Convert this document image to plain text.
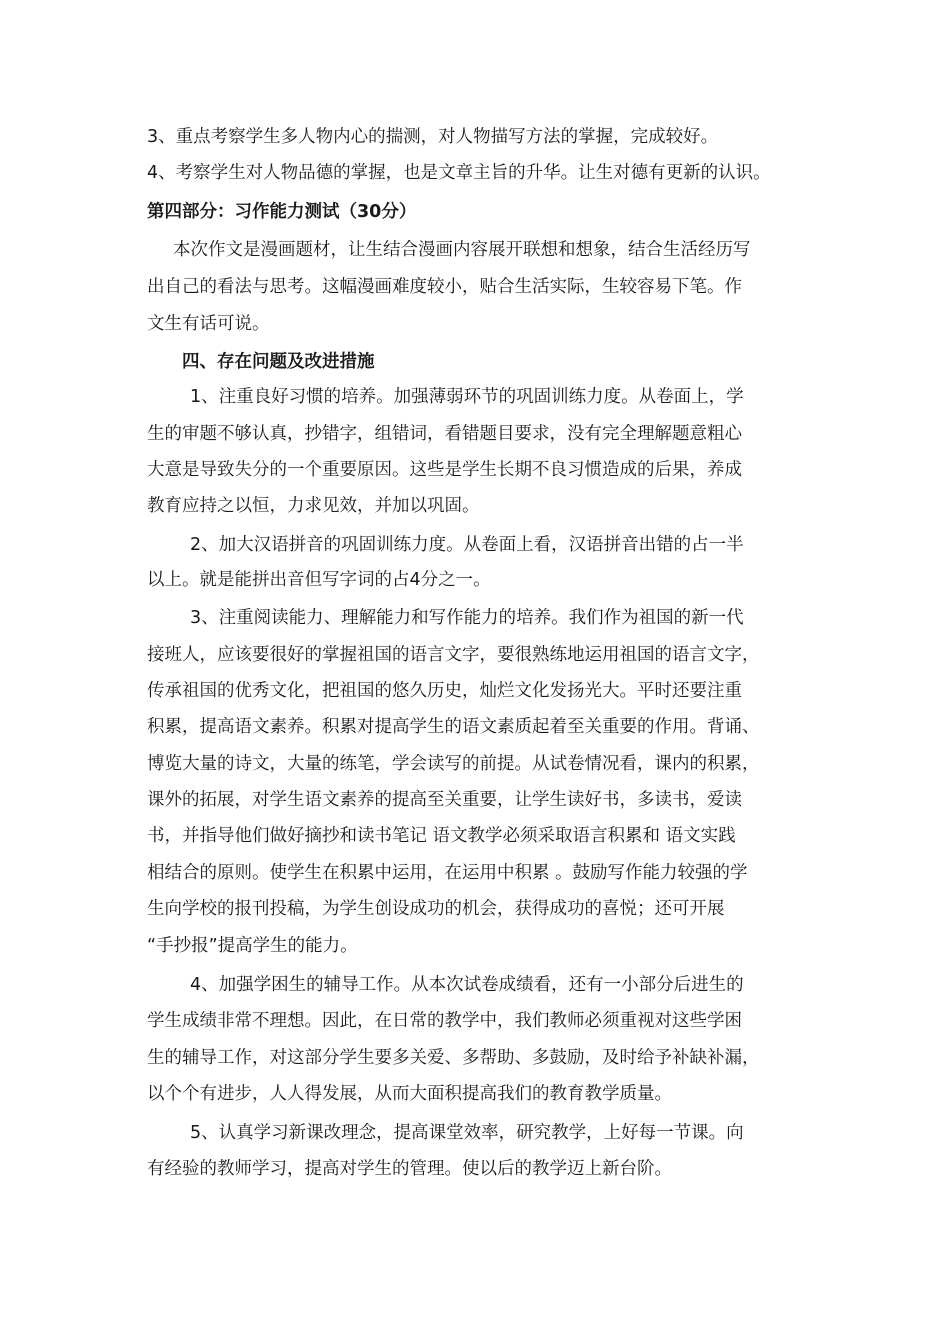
3、重点考察学生多人物内心的揣测，对人物描写方法的掌握，完成较好。
4、考察学生对人物品德的掌握，也是文章主旨的升华。让生对德有更新的认识。
第四部分：习作能力测试（30分）
本次作文是漫画题材，让生结合漫画内容展开联想和想象，结合生活经历写
出自己的看法与思考。这幅漫画难度较小，贴合生活实际，生较容易下笔。作
文生有话可说。
四、存在问题及改进措施
1、注重良好习惯的培养。加强薄弱环节的巩固训练力度。从卷面上，学
生的审题不够认真，抄错字，组错词，看错题目要求，没有完全理解题意粗心
大意是导致失分的一个重要原因。这些是学生长期不良习惯造成的后果，养成
教育应持之以恒，力求见效，并加以巩固。
2、加大汉语拼音的巩固训练力度。从卷面上看，汉语拼音出错的占一半
以上。就是能拼出音但写字词的占4分之一。
3、注重阅读能力、理解能力和写作能力的培养。我们作为祖国的新一代
接班人，应该要很好的掌握祖国的语言文字，要很熟练地运用祖国的语言文字，
传承祖国的优秀文化，把祖国的悠久历史，灿烂文化发扬光大。平时还要注重
积累，提高语文素养。积累对提高学生的语文素质起着至关重要的作用。背诵、
博览大量的诗文，大量的练笔，学会读写的前提。从试卷情况看，课内的积累，
课外的拓展，对学生语文素养的提高至关重要，让学生读好书，多读书，爱读
书，并指导他们做好摘抄和读书笔记 语文教学必须采取语言积累和 语文实践
相结合的原则。使学生在积累中运用，在运用中积累 。鼓励写作能力较强的学
生向学校的报刊投稿，为学生创设成功的机会，获得成功的喜悦；还可开展
“手抄报”提高学生的能力。
4、加强学困生的辅导工作。从本次试卷成绩看，还有一小部分后进生的
学生成绩非常不理想。因此，在日常的教学中，我们教师必须重视对这些学困
生的辅导工作，对这部分学生要多关爱、多帮助、多鼓励，及时给予补缺补漏，
以个个有进步，人人得发展，从而大面积提高我们的教育教学质量。
5、认真学习新课改理念，提高课堂效率，研究教学，上好每一节课。向
有经验的教师学习，提高对学生的管理。使以后的教学迈上新台阶。
